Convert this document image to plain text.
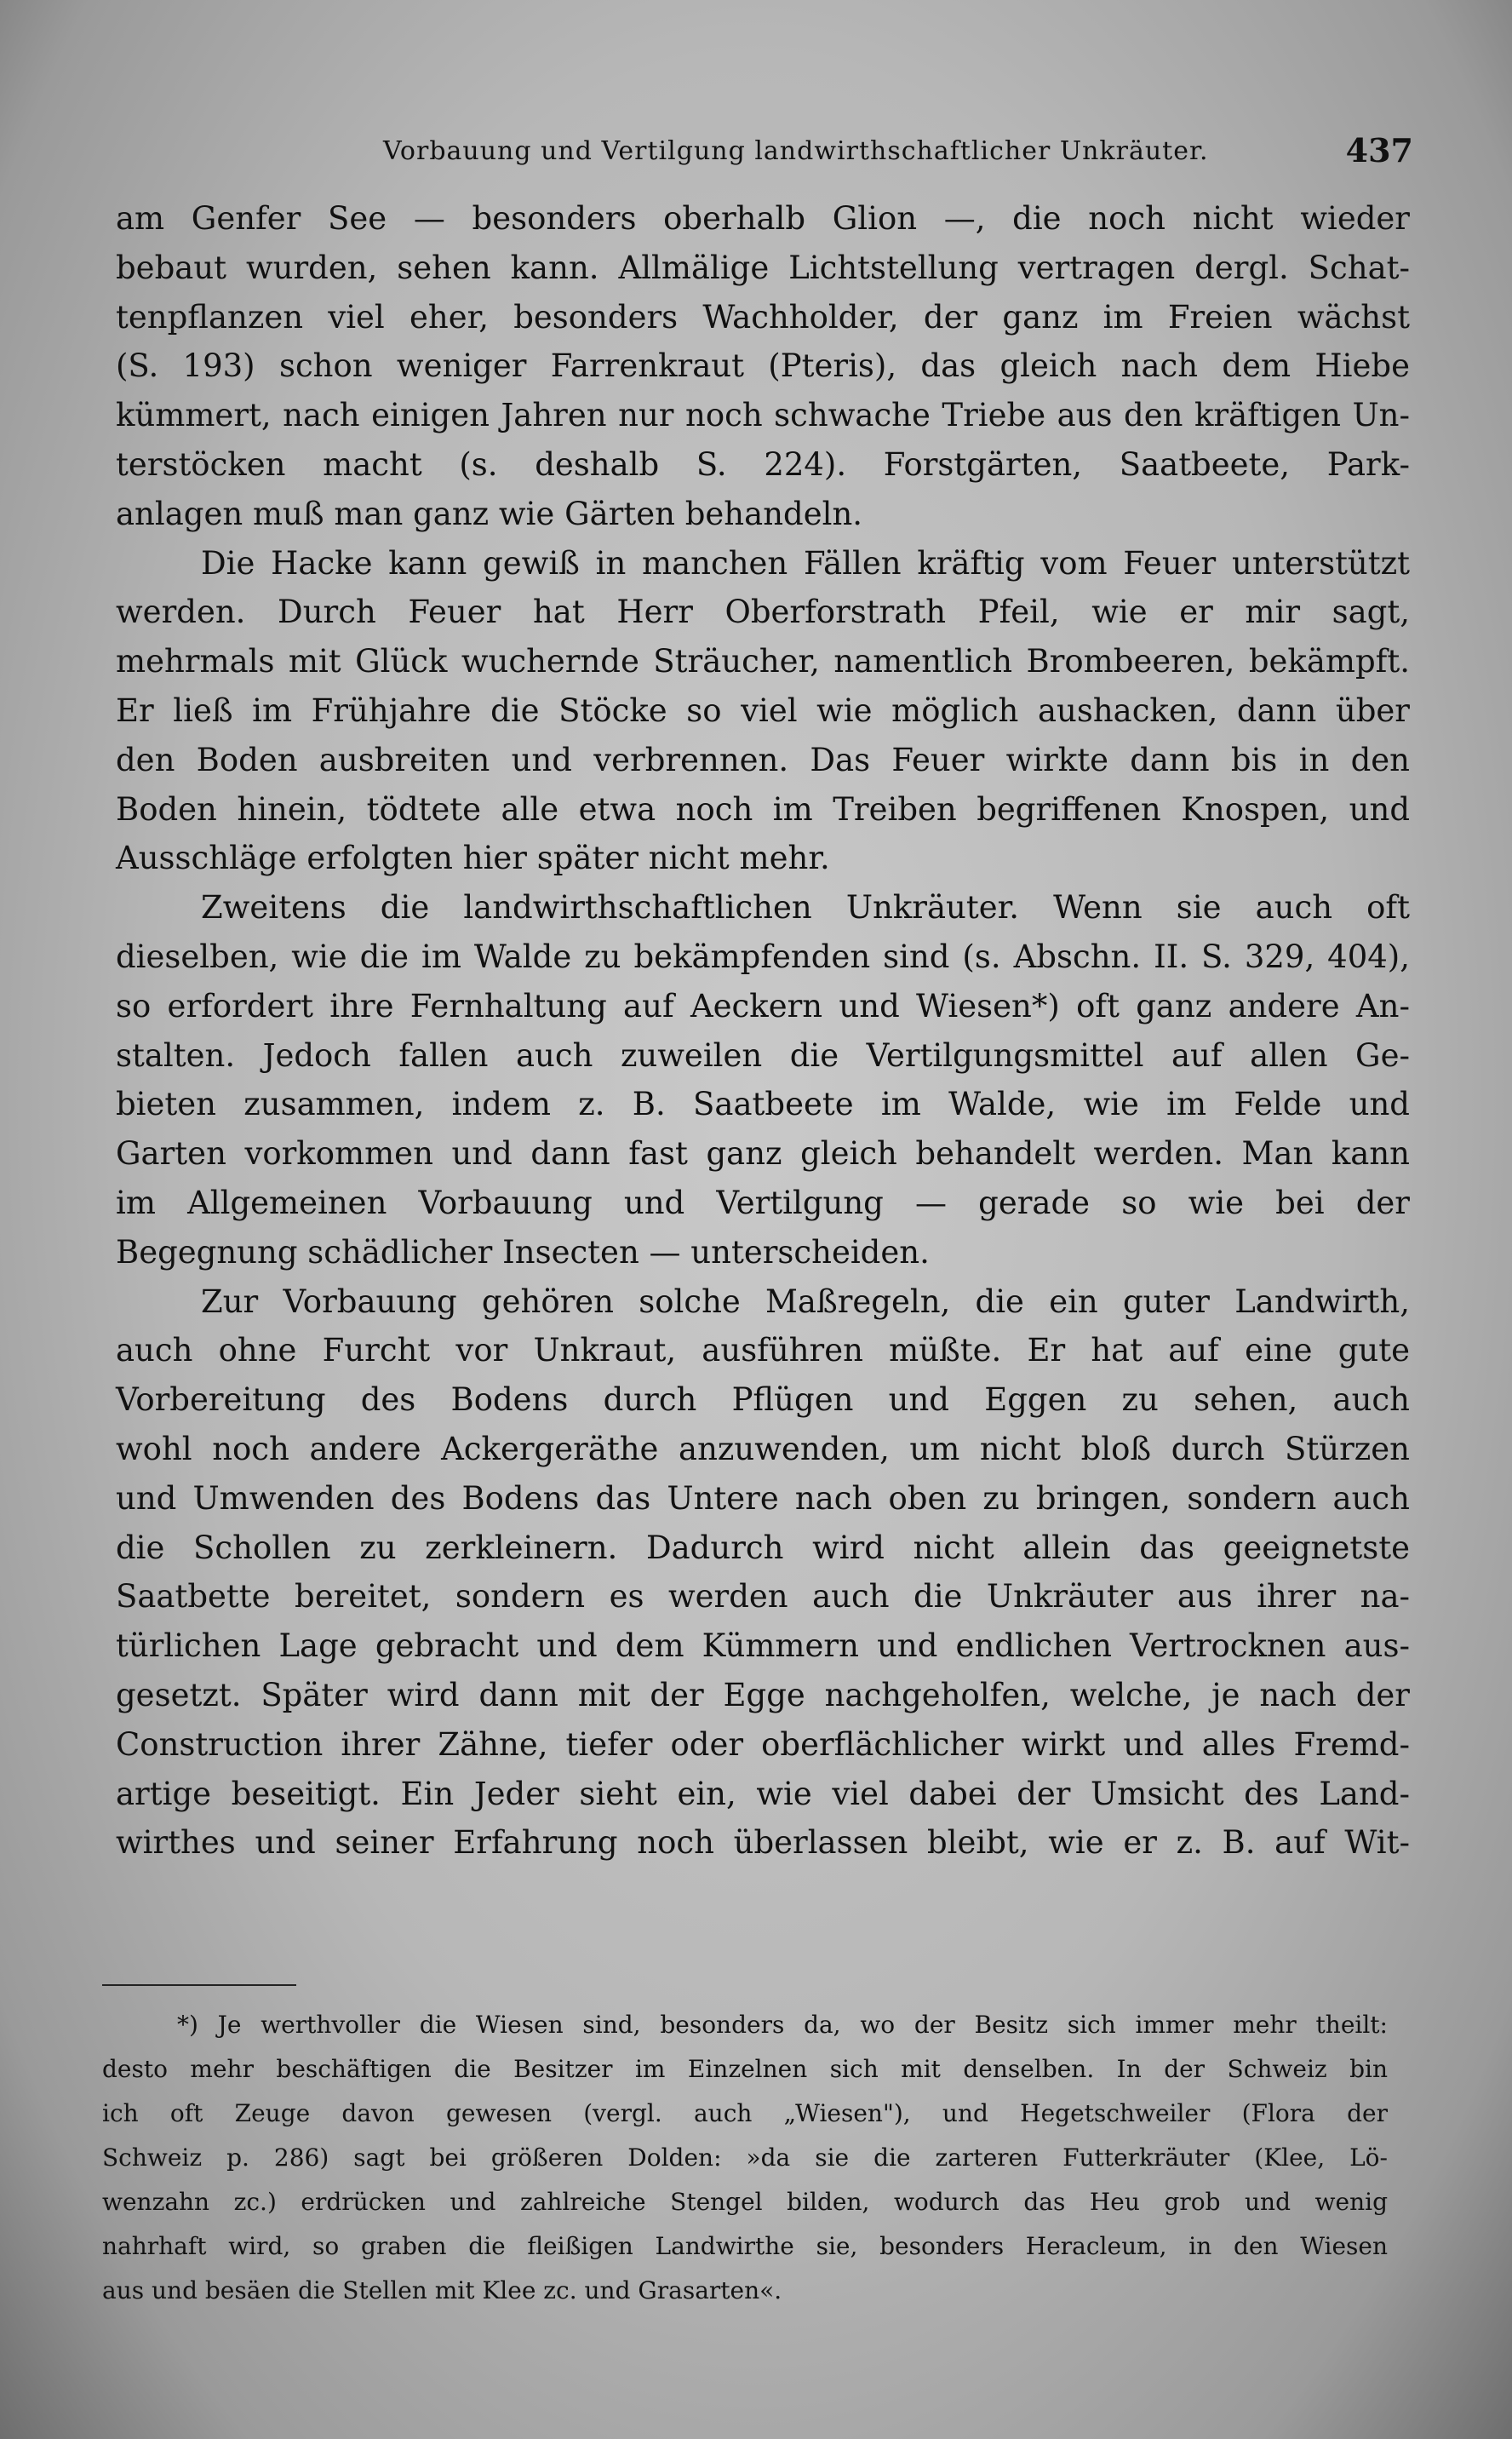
Vorbauung und Vertilgung landwirthschaftlicher Unkräuter.	437
am Genfer See — besonders oberhalb Glion —, die noch nicht wieder
bebaut wurden, sehen kann. Allmälige Lichtstellung vertragen dergl. Schat-
tenpflanzen viel eher, besonders Wachholder, der ganz im Freien wächst
(S. 193) schon weniger Farrenkraut (Pteris), das gleich nach dem Hiebe
kümmert, nach einigen Jahren nur noch schwache Triebe aus den kräftigen Un-
terstöcken macht (s. deshalb S. 224). Forstgärten, Saatbeete, Park-
anlagen muß man ganz wie Gärten behandeln.
Die Hacke kann gewiß in manchen Fällen kräftig vom Feuer unterstützt
werden. Durch Feuer hat Herr Oberforstrath Pfeil, wie er mir sagt,
mehrmals mit Glück wuchernde Sträucher, namentlich Brombeeren, bekämpft.
Er ließ im Frühjahre die Stöcke so viel wie möglich aushacken, dann über
den Boden ausbreiten und verbrennen. Das Feuer wirkte dann bis in den
Boden hinein, tödtete alle etwa noch im Treiben begriffenen Knospen, und
Ausschläge erfolgten hier später nicht mehr.
Zweitens die landwirthschaftlichen Unkräuter. Wenn sie auch oft
dieselben, wie die im Walde zu bekämpfenden sind (s. Abschn. II. S. 329, 404),
so erfordert ihre Fernhaltung auf Aeckern und Wiesen*) oft ganz andere An-
stalten. Jedoch fallen auch zuweilen die Vertilgungsmittel auf allen Ge-
bieten zusammen, indem z. B. Saatbeete im Walde, wie im Felde und
Garten vorkommen und dann fast ganz gleich behandelt werden. Man kann
im Allgemeinen Vorbauung und Vertilgung — gerade so wie bei der
Begegnung schädlicher Insecten — unterscheiden.
Zur Vorbauung gehören solche Maßregeln, die ein guter Landwirth,
auch ohne Furcht vor Unkraut, ausführen müßte. Er hat auf eine gute
Vorbereitung des Bodens durch Pflügen und Eggen zu sehen, auch
wohl noch andere Ackergeräthe anzuwenden, um nicht bloß durch Stürzen
und Umwenden des Bodens das Untere nach oben zu bringen, sondern auch
die Schollen zu zerkleinern. Dadurch wird nicht allein das geeignetste
Saatbette bereitet, sondern es werden auch die Unkräuter aus ihrer na-
türlichen Lage gebracht und dem Kümmern und endlichen Vertrocknen aus-
gesetzt. Später wird dann mit der Egge nachgeholfen, welche, je nach der
Construction ihrer Zähne, tiefer oder oberflächlicher wirkt und alles Fremd-
artige beseitigt. Ein Jeder sieht ein, wie viel dabei der Umsicht des Land-
wirthes und seiner Erfahrung noch überlassen bleibt, wie er z. B. auf Wit-
*) Je werthvoller die Wiesen sind, besonders da, wo der Besitz sich immer mehr theilt:
desto mehr beschäftigen die Besitzer im Einzelnen sich mit denselben. In der Schweiz bin
ich oft Zeuge davon gewesen (vergl. auch „Wiesen"), und Hegetschweiler (Flora der
Schweiz p. 286) sagt bei größeren Dolden: »da sie die zarteren Futterkräuter (Klee, Lö-
wenzahn zc.) erdrücken und zahlreiche Stengel bilden, wodurch das Heu grob und wenig
nahrhaft wird, so graben die fleißigen Landwirthe sie, besonders Heracleum, in den Wiesen
aus und besäen die Stellen mit Klee zc. und Grasarten«.
